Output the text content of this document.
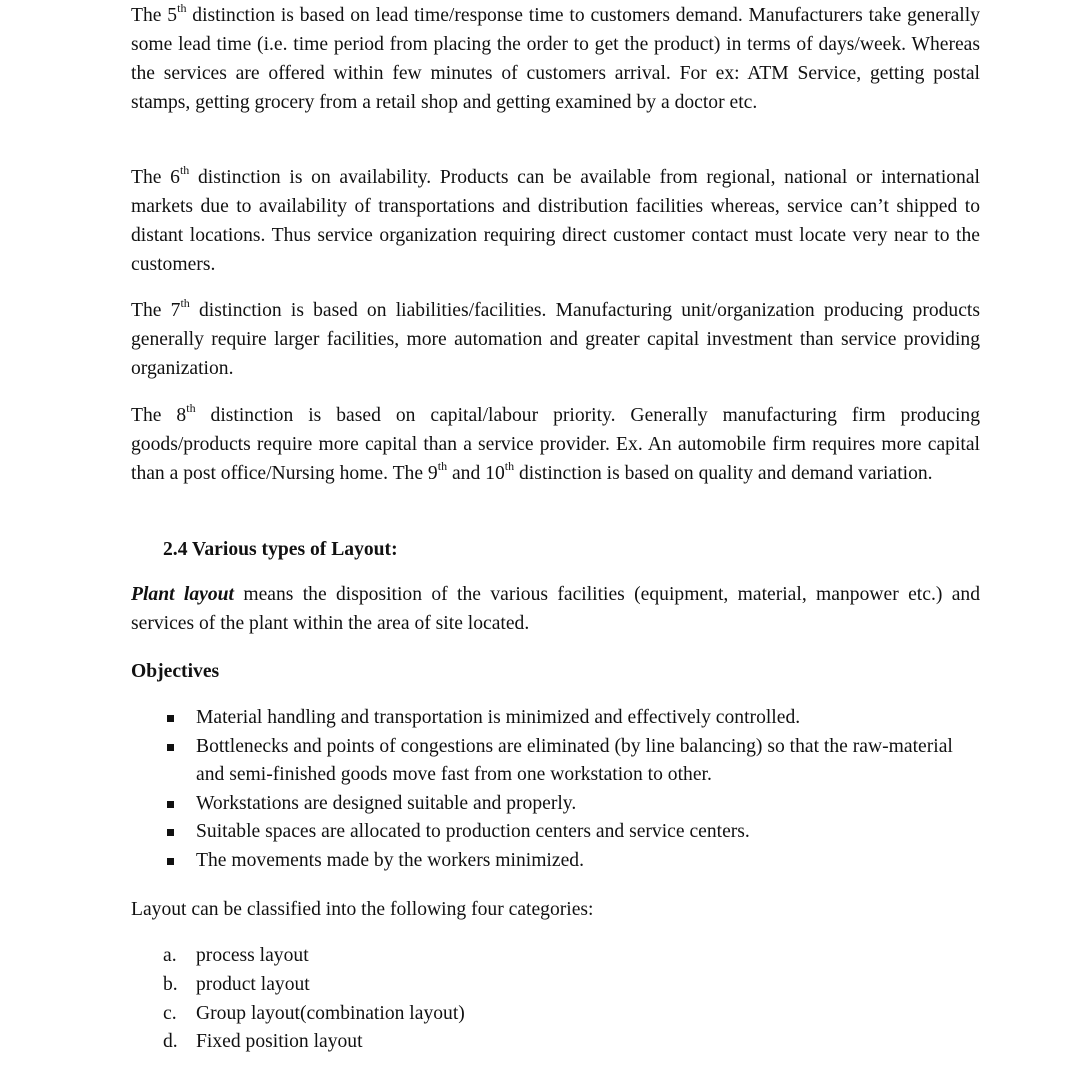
The 5th distinction is based on lead time/response time to customers demand. Manufacturers take generally some lead time (i.e. time period from placing the order to get the product) in terms of days/week. Whereas the services are offered within few minutes of customers arrival. For ex: ATM Service, getting postal stamps, getting grocery from a retail shop and getting examined by a doctor etc.

The 6th distinction is on availability. Products can be available from regional, national or international markets due to availability of transportations and distribution facilities whereas, service can’t shipped to distant locations. Thus service organization requiring direct customer contact must locate very near to the customers.

The 7th distinction is based on liabilities/facilities. Manufacturing unit/organization producing products generally require larger facilities, more automation and greater capital investment than service providing organization.

The 8th distinction is based on capital/labour priority. Generally manufacturing firm producing goods/products require more capital than a service provider. Ex. An automobile firm requires more capital than a post office/Nursing home. The 9th and 10th distinction is based on quality and demand variation.

2.4 Various types of Layout:

Plant layout means the disposition of the various facilities (equipment, material, manpower etc.) and services of the plant within the area of site located.

Objectives
Material handling and transportation is minimized and effectively controlled.
Bottlenecks and points of congestions are eliminated (by line balancing) so that the raw-material and semi-finished goods move fast from one workstation to other.
Workstations are designed suitable and properly.
Suitable spaces are allocated to production centers and service centers.
The movements made by the workers minimized.

Layout can be classified into the following four categories:

a. process layout
b. product layout
c. Group layout(combination layout)
d. Fixed position layout
